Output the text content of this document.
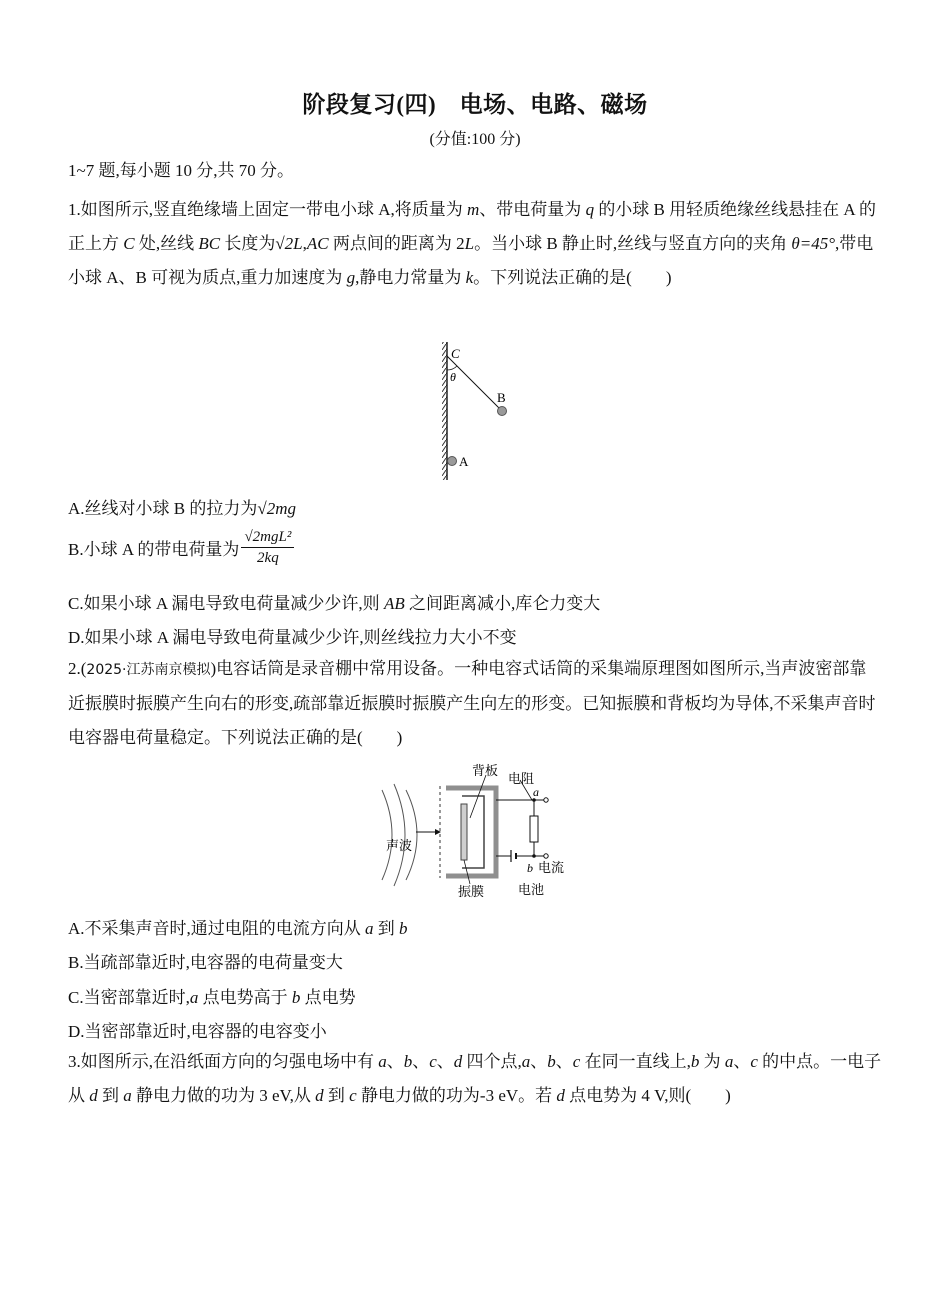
阶段复习(四)　电场、电路、磁场
(分值:100 分)
1~7 题,每小题 10 分,共 70 分。
1.如图所示,竖直绝缘墙上固定一带电小球 A,将质量为 m、带电荷量为 q 的小球 B 用轻质绝缘丝线悬挂在 A 的正上方 C 处,丝线 BC 长度为√2L,AC 两点间的距离为 2L。当小球 B 静止时,丝线与竖直方向的夹角 θ=45°,带电小球 A、B 可视为质点,重力加速度为 g,静电力常量为 k。下列说法正确的是(　　)
C
θ
B
A
A.丝线对小球 B 的拉力为√2mg
B.小球 A 的带电荷量为 $\frac{\text{√2mgL²}}{2kq}$
C.如果小球 A 漏电导致电荷量减少少许,则 AB 之间距离减小,库仑力变大
D.如果小球 A 漏电导致电荷量减少少许,则丝线拉力大小不变
2.(2025·江苏南京模拟)电容话筒是录音棚中常用设备。一种电容式话筒的采集端原理图如图所示,当声波密部靠近振膜时振膜产生向右的形变,疏部靠近振膜时振膜产生向左的形变。已知振膜和背板均为导体,不采集声音时电容器电荷量稳定。下列说法正确的是(　　)
背板
电阻
a
声波
b 电流
振膜	电池
A.不采集声音时,通过电阻的电流方向从 a 到 b
B.当疏部靠近时,电容器的电荷量变大
C.当密部靠近时,a 点电势高于 b 点电势
D.当密部靠近时,电容器的电容变小
3.如图所示,在沿纸面方向的匀强电场中有 a、b、c、d 四个点,a、b、c 在同一直线上,b 为 a、c 的中点。一电子从 d 到 a 静电力做的功为 3 eV,从 d 到 c 静电力做的功为-3 eV。若 d 点电势为 4 V,则(　　)
